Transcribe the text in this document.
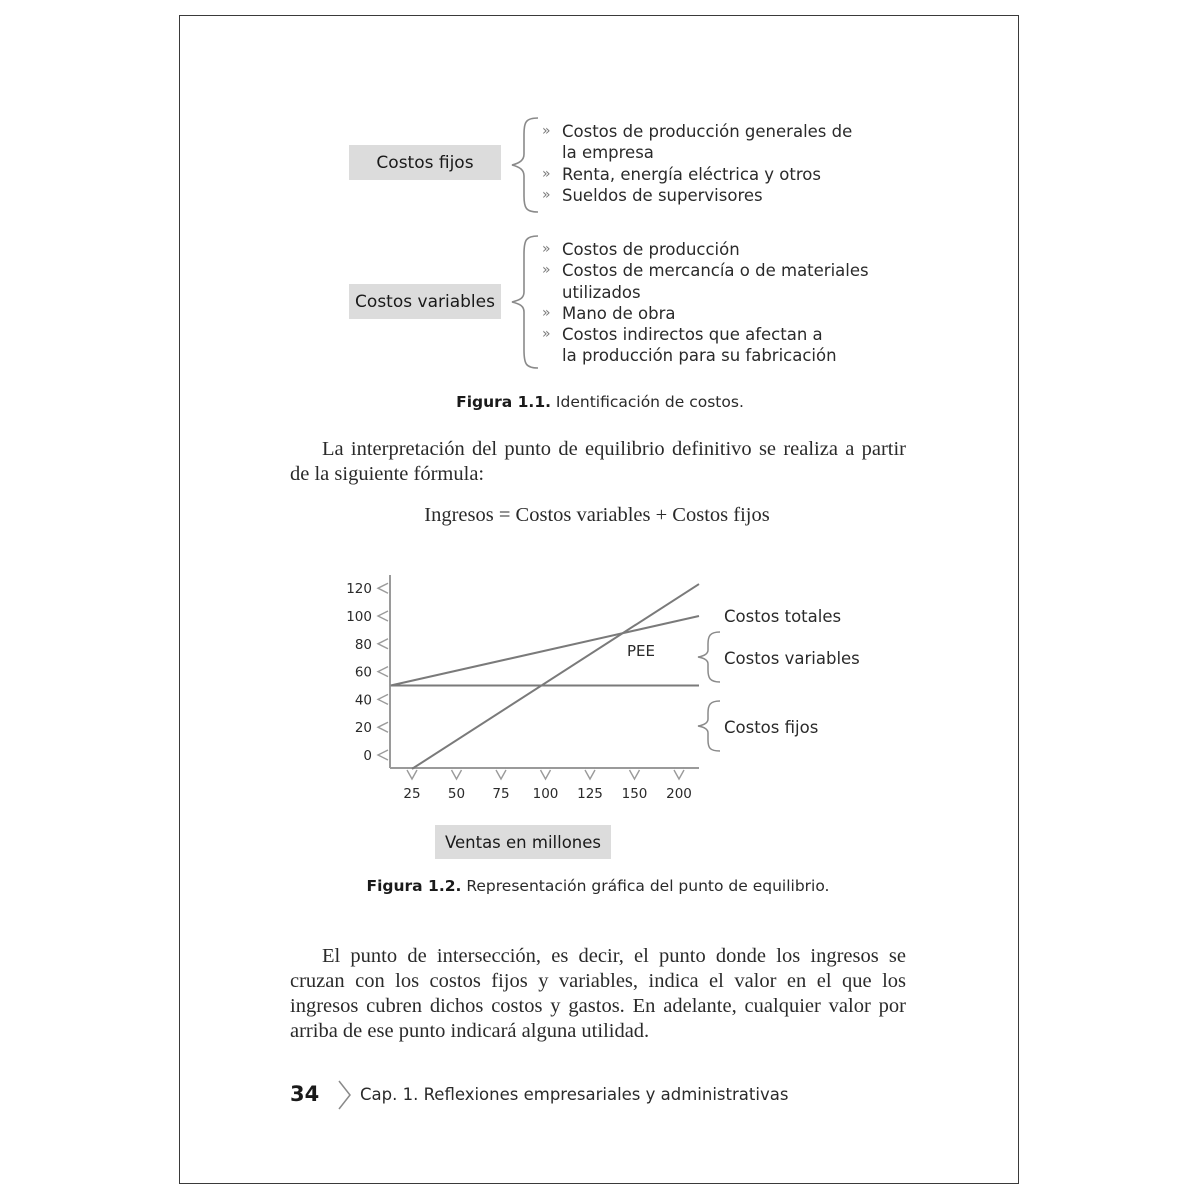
Costos fijos
» Costos de producción generales de
la empresa
» Renta, energía eléctrica y otros
» Sueldos de supervisores
Costos variables
» Costos de producción
» Costos de mercancía o de materiales
utilizados
» Mano de obra
» Costos indirectos que afectan a
la producción para su fabricación
Figura 1.1. Identificación de costos.

La interpretación del punto de equilibrio definitivo se realiza a partir de la siguiente fórmula:

Ingresos = Costos variables + Costos fijos
0
20
40
60
80
100
120
25 50 75 100 125 150 200
PEE
Costos totales
Costos variables
Costos fijos
Ventas en millones
Figura 1.2. Representación gráfica del punto de equilibrio.

El punto de intersección, es decir, el punto donde los ingresos se cruzan con los costos fijos y variables, indica el valor en el que los ingresos cubren dichos costos y gastos. En adelante, cualquier valor por arriba de ese punto indicará alguna utilidad.

34 Cap. 1. Reflexiones empresariales y administrativas
